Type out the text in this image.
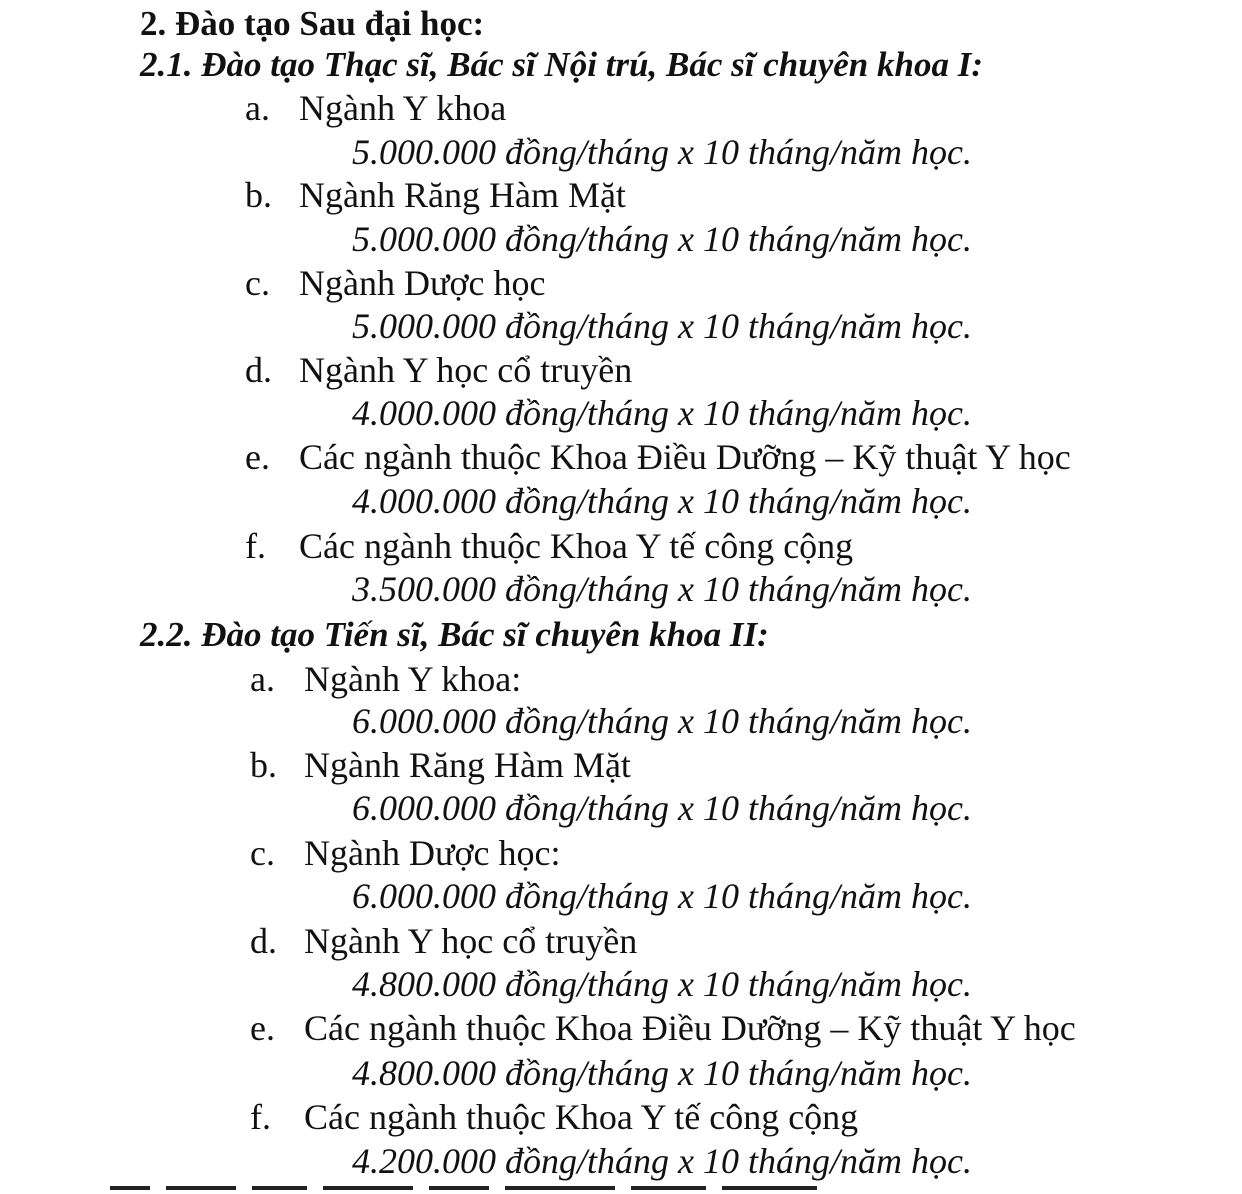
2. Đào tạo Sau đại học:
2.1. Đào tạo Thạc sĩ, Bác sĩ Nội trú, Bác sĩ chuyên khoa I:
a. Ngành Y khoa
5.000.000 đồng/tháng x 10 tháng/năm học.
b. Ngành Răng Hàm Mặt
5.000.000 đồng/tháng x 10 tháng/năm học.
c. Ngành Dược học
5.000.000 đồng/tháng x 10 tháng/năm học.
d. Ngành Y học cổ truyền
4.000.000 đồng/tháng x 10 tháng/năm học.
e. Các ngành thuộc Khoa Điều Dưỡng – Kỹ thuật Y học
4.000.000 đồng/tháng x 10 tháng/năm học.
f. Các ngành thuộc Khoa Y tế công cộng
3.500.000 đồng/tháng x 10 tháng/năm học.
2.2. Đào tạo Tiến sĩ, Bác sĩ chuyên khoa II:
a. Ngành Y khoa:
6.000.000 đồng/tháng x 10 tháng/năm học.
b. Ngành Răng Hàm Mặt
6.000.000 đồng/tháng x 10 tháng/năm học.
c. Ngành Dược học:
6.000.000 đồng/tháng x 10 tháng/năm học.
d. Ngành Y học cổ truyền
4.800.000 đồng/tháng x 10 tháng/năm học.
e. Các ngành thuộc Khoa Điều Dưỡng – Kỹ thuật Y học
4.800.000 đồng/tháng x 10 tháng/năm học.
f. Các ngành thuộc Khoa Y tế công cộng
4.200.000 đồng/tháng x 10 tháng/năm học.
